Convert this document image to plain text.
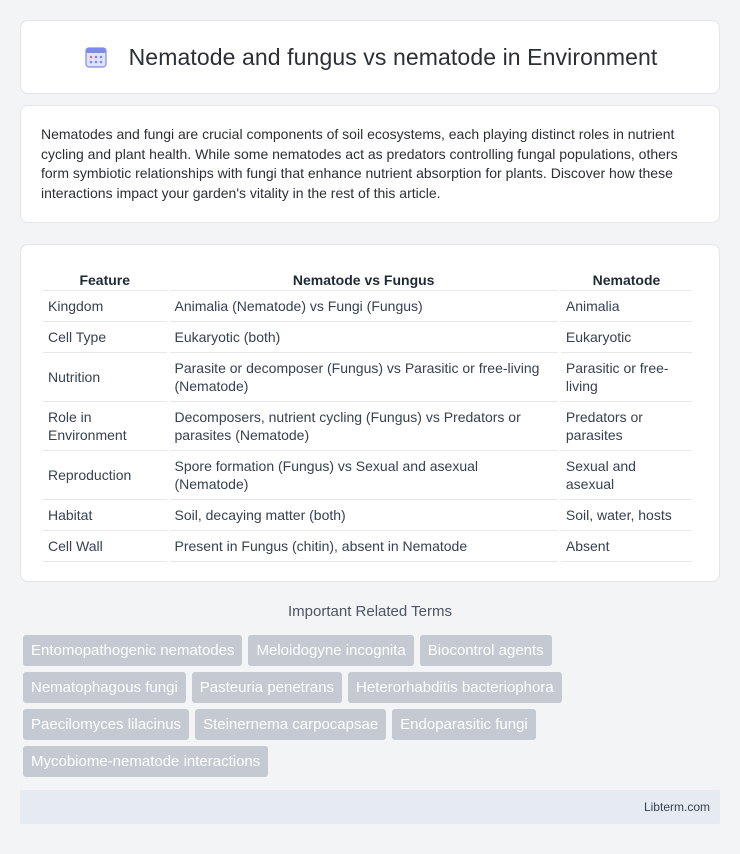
Nematode and fungus vs nematode in Environment

Nematodes and fungi are crucial components of soil ecosystems, each playing distinct roles in nutrient cycling and plant health. While some nematodes act as predators controlling fungal populations, others form symbiotic relationships with fungi that enhance nutrient absorption for plants. Discover how these interactions impact your garden's vitality in the rest of this article.

Feature	Nematode vs Fungus	Nematode
Kingdom	Animalia (Nematode) vs Fungi (Fungus)	Animalia
Cell Type	Eukaryotic (both)	Eukaryotic
Nutrition	Parasite or decomposer (Fungus) vs Parasitic or free-living (Nematode)	Parasitic or free-living
Role in Environment	Decomposers, nutrient cycling (Fungus) vs Predators or parasites (Nematode)	Predators or parasites
Reproduction	Spore formation (Fungus) vs Sexual and asexual (Nematode)	Sexual and asexual
Habitat	Soil, decaying matter (both)	Soil, water, hosts
Cell Wall	Present in Fungus (chitin), absent in Nematode	Absent
Important Related Terms
Entomopathogenic nematodes	Meloidogyne incognita	Biocontrol agents
Nematophagous fungi	Pasteuria penetrans	Heterorhabditis bacteriophora
Paecilomyces lilacinus	Steinernema carpocapsae	Endoparasitic fungi
Mycobiome-nematode interactions
Libterm.com
